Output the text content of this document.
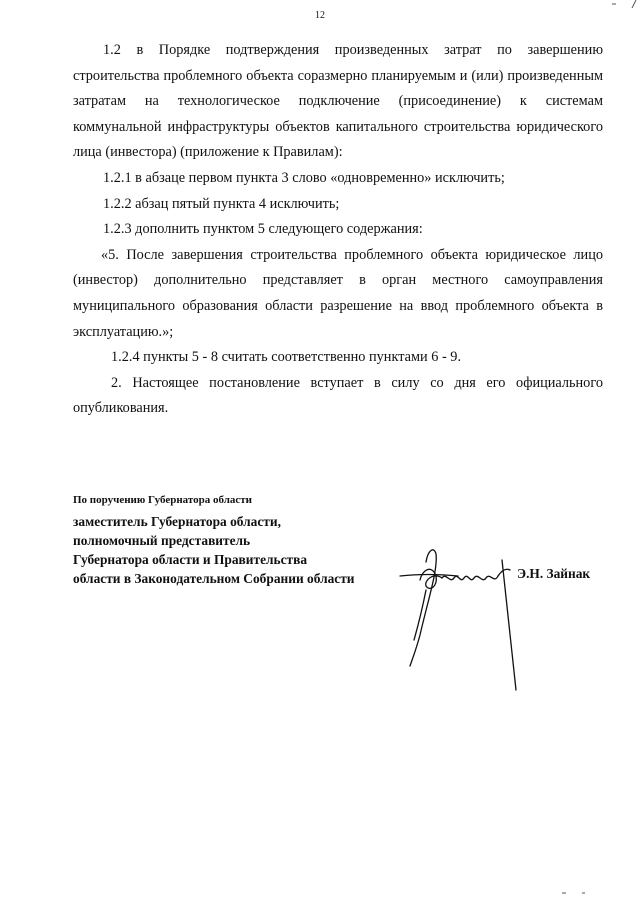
12

1.2 в Порядке подтверждения произведенных затрат по завершению строительства проблемного объекта соразмерно планируемым и (или) произведенным затратам на технологическое подключение (присоединение) к системам коммунальной инфраструктуры объектов капитального строительства юридического лица (инвестора) (приложение к Правилам):

1.2.1 в абзаце первом пункта 3 слово «одновременно» исключить;

1.2.2 абзац пятый пункта 4 исключить;

1.2.3 дополнить пунктом 5 следующего содержания:

«5. После завершения строительства проблемного объекта юридическое лицо (инвестор) дополнительно представляет в орган местного самоуправления муниципального образования области разрешение на ввод проблемного объекта в эксплуатацию.»;

1.2.4 пункты 5 - 8 считать соответственно пунктами 6 - 9.

2. Настоящее постановление вступает в силу со дня его официального опубликования.

По поручению Губернатора области
заместитель Губернатора области,
полномочный представитель
Губернатора области и Правительства
области в Законодательном Собрании области	Э.Н. Зайнак
